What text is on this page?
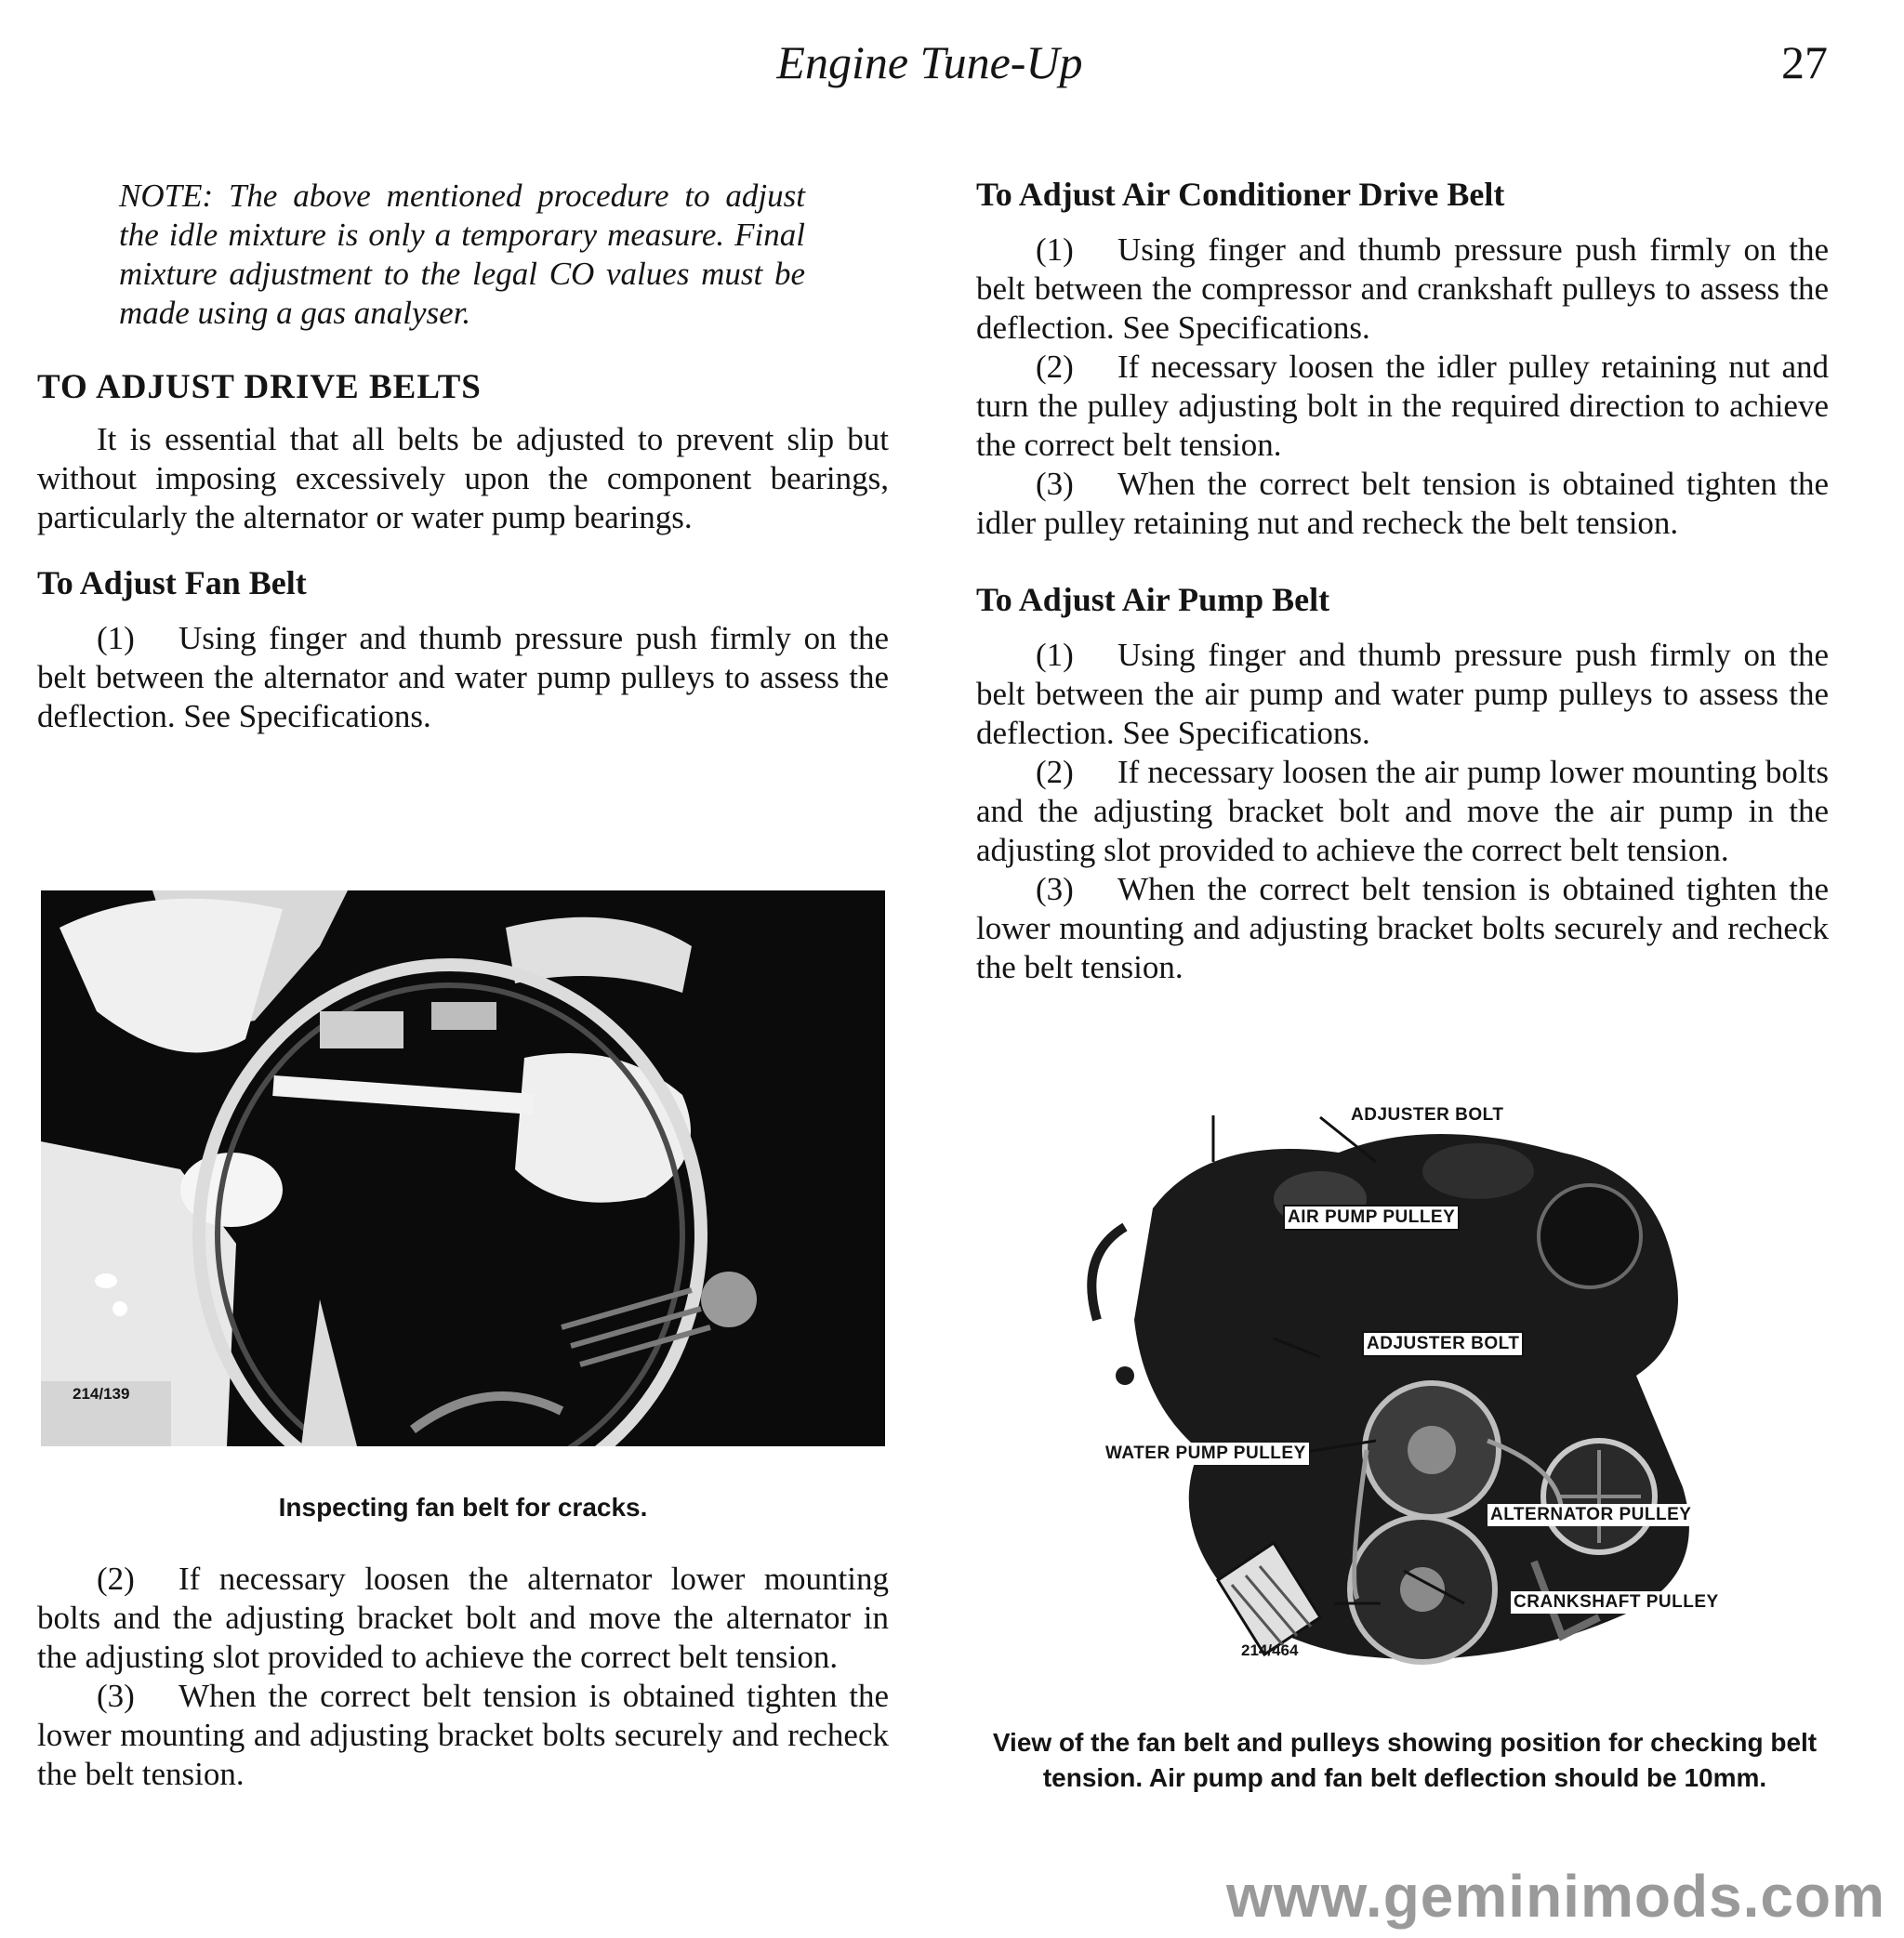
Engine Tune-Up	27

NOTE: The above mentioned procedure to adjust the idle mixture is only a temporary measure. Final mixture adjustment to the legal CO values must be made using a gas analyser.

TO ADJUST DRIVE BELTS

It is essential that all belts be adjusted to prevent slip but without imposing excessively upon the component bearings, particularly the alternator or water pump bearings.

To Adjust Fan Belt

(1) Using finger and thumb pressure push firmly on the belt between the alternator and water pump pulleys to assess the deflection. See Specifications.

214/139
Inspecting fan belt for cracks.

(2) If necessary loosen the alternator lower mounting bolts and the adjusting bracket bolt and move the alternator in the adjusting slot provided to achieve the correct belt tension.

(3) When the correct belt tension is obtained tighten the lower mounting and adjusting bracket bolts securely and recheck the belt tension.

To Adjust Air Conditioner Drive Belt

(1) Using finger and thumb pressure push firmly on the belt between the compressor and crankshaft pulleys to assess the deflection. See Specifications.

(2) If necessary loosen the idler pulley retaining nut and turn the pulley adjusting bolt in the required direction to achieve the correct belt tension.

(3) When the correct belt tension is obtained tighten the idler pulley retaining nut and recheck the belt tension.

To Adjust Air Pump Belt

(1) Using finger and thumb pressure push firmly on the belt between the air pump and water pump pulleys to assess the deflection. See Specifications.

(2) If necessary loosen the air pump lower mounting bolts and the adjusting bracket bolt and move the air pump in the adjusting slot provided to achieve the correct belt tension.

(3) When the correct belt tension is obtained tighten the lower mounting and adjusting bracket bolts securely and recheck the belt tension.

ADJUSTER BOLT
AIR PUMP PULLEY
ADJUSTER BOLT
WATER PUMP PULLEY
ALTERNATOR PULLEY
CRANKSHAFT PULLEY
214/464
View of the fan belt and pulleys showing position for checking belt tension. Air pump and fan belt deflection should be 10mm.
www.geminimods.com
